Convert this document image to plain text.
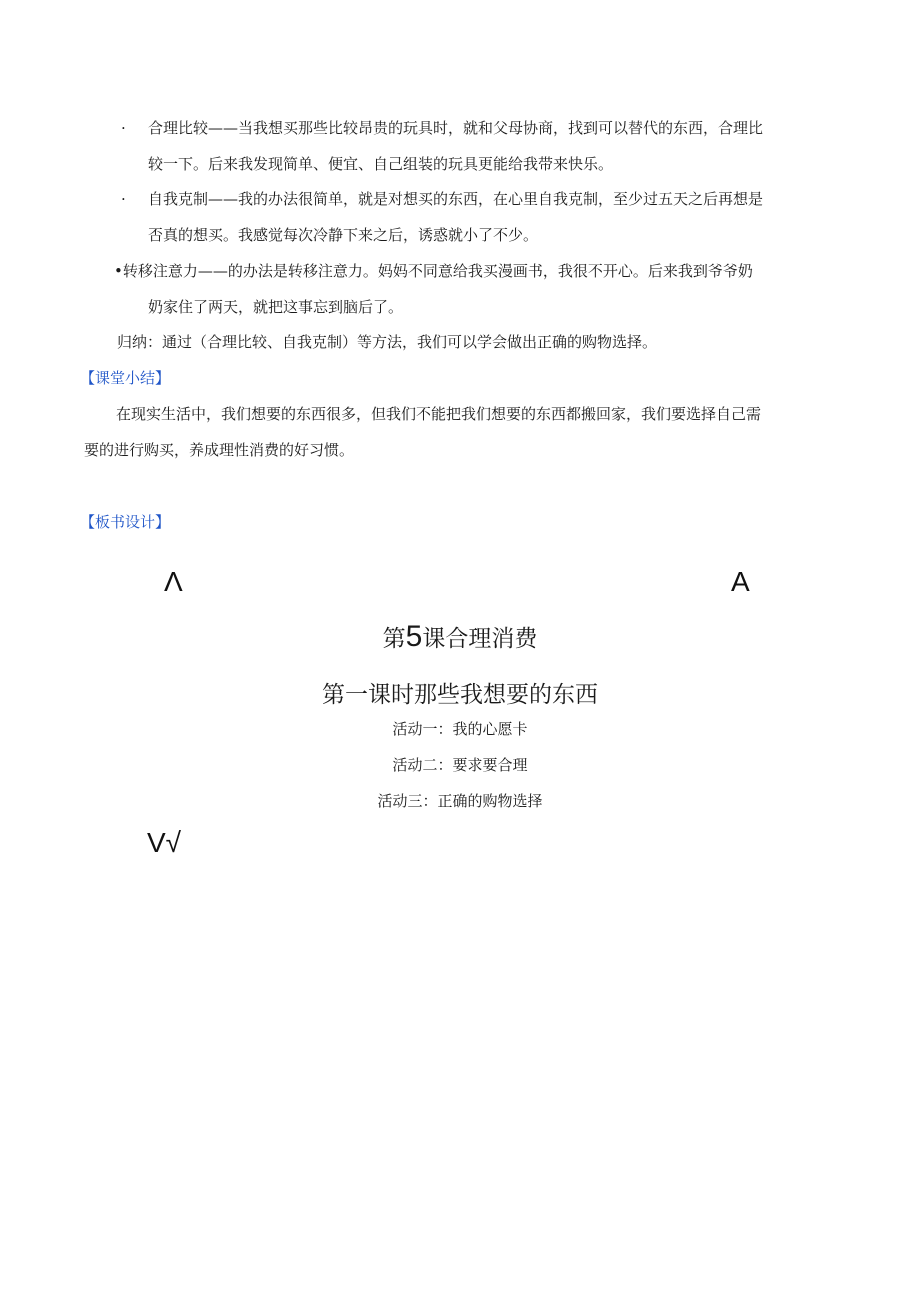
·	合理比较——当我想买那些比较昂贵的玩具时，就和父母协商，找到可以替代的东西，合理比
较一下。后来我发现简单、便宜、自己组装的玩具更能给我带来快乐。
·	自我克制——我的办法很简单，就是对想买的东西，在心里自我克制，至少过五天之后再想是
否真的想买。我感觉每次冷静下来之后，诱惑就小了不少。
•转移注意力——的办法是转移注意力。妈妈不同意给我买漫画书，我很不开心。后来我到爷爷奶
奶家住了两天，就把这事忘到脑后了。
归纳：通过（合理比较、自我克制）等方法，我们可以学会做出正确的购物选择。
【课堂小结】
在现实生活中，我们想要的东西很多，但我们不能把我们想要的东西都搬回家，我们要选择自己需
要的进行购买，养成理性消费的好习惯。
【板书设计】
Λ	A
第5课合理消费
第一课时那些我想要的东西
活动一：我的心愿卡
活动二：要求要合理
活动三：正确的购物选择
V√
